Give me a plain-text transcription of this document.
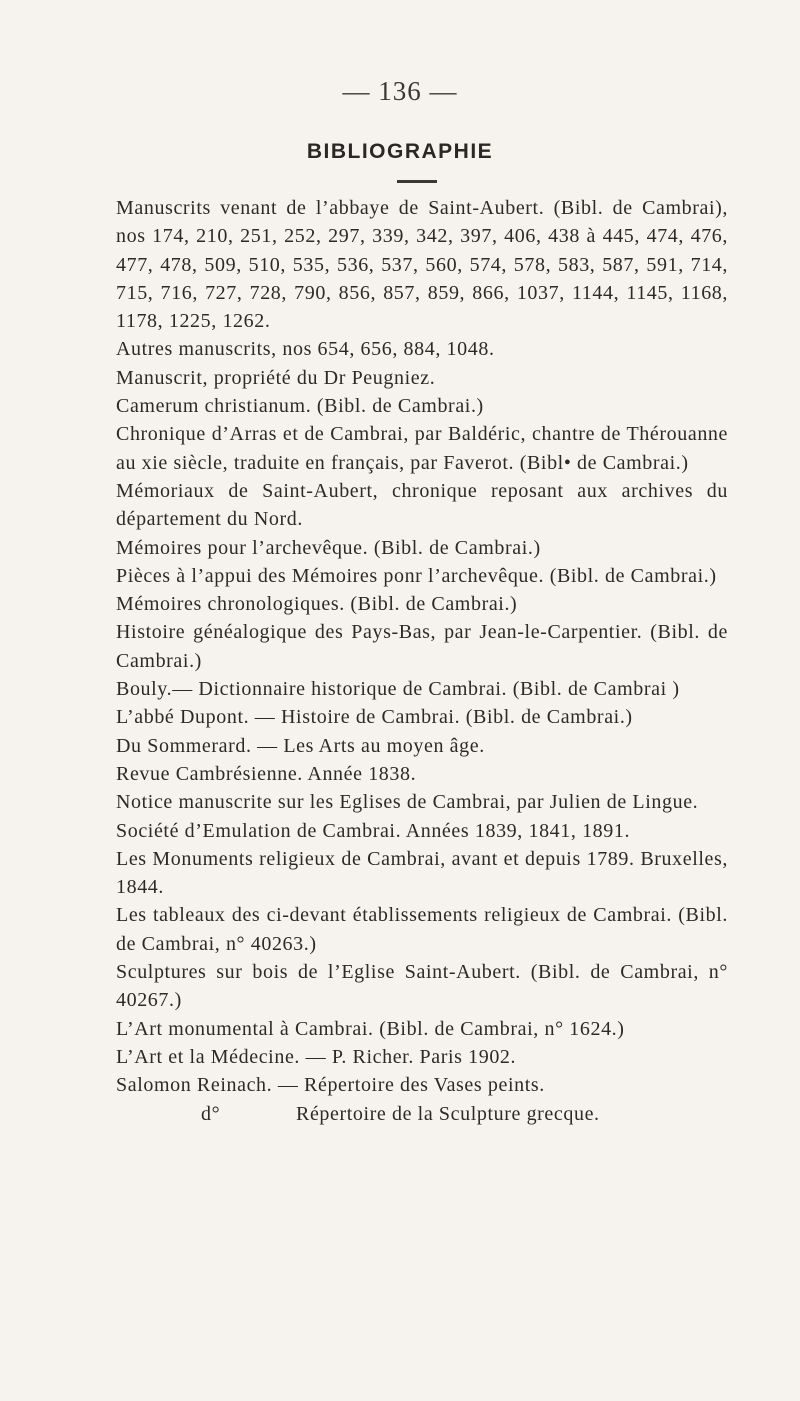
— 136 —
BIBLIOGRAPHIE

Manuscrits venant de l’abbaye de Saint-Aubert. (Bibl. de Cambrai), nos 174, 210, 251, 252, 297, 339, 342, 397, 406, 438 à 445, 474, 476, 477, 478, 509, 510, 535, 536, 537, 560, 574, 578, 583, 587, 591, 714, 715, 716, 727, 728, 790, 856, 857, 859, 866, 1037, 1144, 1145, 1168, 1178, 1225, 1262.

Autres manuscrits, nos 654, 656, 884, 1048.

Manuscrit, propriété du Dr Peugniez.

Camerum christianum. (Bibl. de Cambrai.)

Chronique d’Arras et de Cambrai, par Baldéric, chantre de Thérouanne au xie siècle, traduite en français, par Faverot. (Bibl• de Cambrai.)

Mémoriaux de Saint-Aubert, chronique reposant aux archives du département du Nord.

Mémoires pour l’archevêque. (Bibl. de Cambrai.)

Pièces à l’appui des Mémoires ponr l’archevêque. (Bibl. de Cambrai.)

Mémoires chronologiques. (Bibl. de Cambrai.)

Histoire généalogique des Pays-Bas, par Jean-le-Carpentier. (Bibl. de Cambrai.)

Bouly.— Dictionnaire historique de Cambrai. (Bibl. de Cambrai )

L’abbé Dupont. — Histoire de Cambrai. (Bibl. de Cambrai.)

Du Sommerard. — Les Arts au moyen âge.

Revue Cambrésienne. Année 1838.

Notice manuscrite sur les Eglises de Cambrai, par Julien de Lingue.

Société d’Emulation de Cambrai. Années 1839, 1841, 1891.

Les Monuments religieux de Cambrai, avant et depuis 1789. Bruxelles, 1844.

Les tableaux des ci-devant établissements religieux de Cambrai. (Bibl. de Cambrai, n° 40263.)

Sculptures sur bois de l’Eglise Saint-Aubert. (Bibl. de Cambrai, n° 40267.)

L’Art monumental à Cambrai. (Bibl. de Cambrai, n° 1624.)

L’Art et la Médecine. — P. Richer. Paris 1902.

Salomon Reinach. — Répertoire des Vases peints.

d°	Répertoire de la Sculpture grecque.
